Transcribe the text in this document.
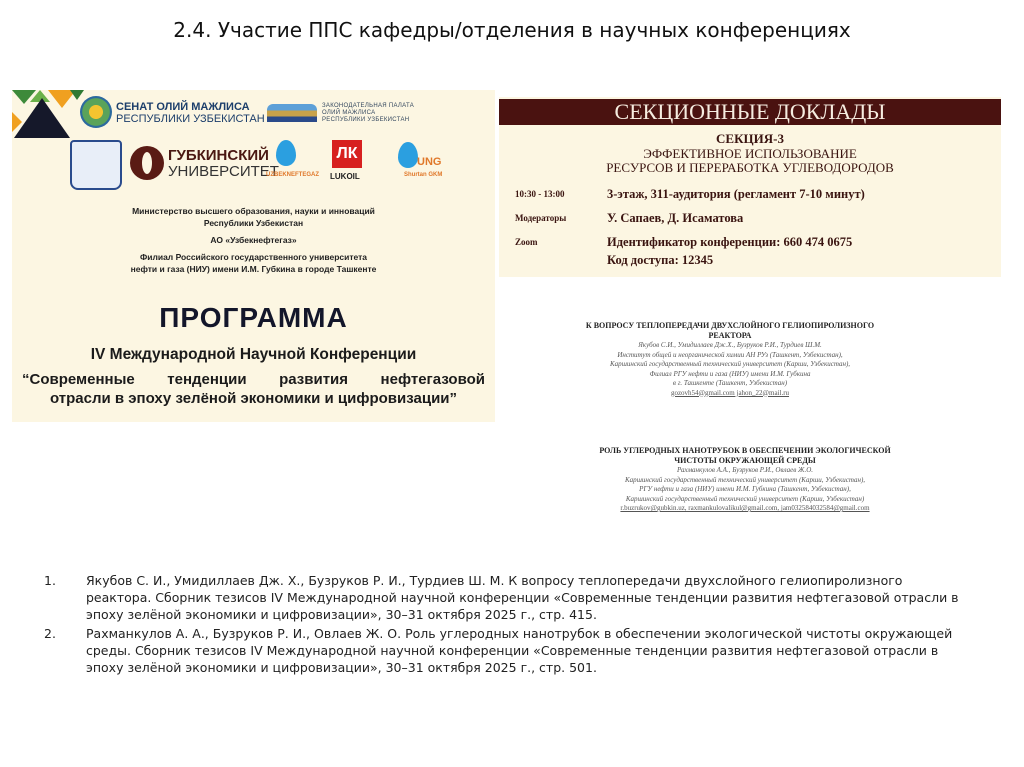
2.4. Участие ППС кафедры/отделения в научных конференциях
СЕНАТ ОЛИЙ МАЖЛИСА
РЕСПУБЛИКИ УЗБЕКИСТАН
ЗАКОНОДАТЕЛЬНАЯ ПАЛАТА
ОЛИЙ МАЖЛИСА
РЕСПУБЛИКИ УЗБЕКИСТАН
ГУБКИНСКИЙ
УНИВЕРСИТЕТ
UZBEKNEFTEGAZ
ЛК
LUKOIL
UNG
Shurtan GKM
Министерство высшего образования, науки и инноваций
Республики Узбекистан
АО «Узбекнефтегаз»
Филиал Российского государственного университета
нефти и газа (НИУ) имени И.М. Губкина в городе Ташкенте
ПРОГРАММА
IV Международной Научной Конференции
“Современные тенденции развития нефтегазовой
отрасли в эпоху зелёной экономики и цифровизации”
СЕКЦИОННЫЕ ДОКЛАДЫ
СЕКЦИЯ-3
ЭФФЕКТИВНОЕ ИСПОЛЬЗОВАНИЕ
РЕСУРСОВ И ПЕРЕРАБОТКА УГЛЕВОДОРОДОВ
10:30 - 13:00	3-этаж, 311-аудитория (регламент 7-10 минут)
Модераторы	У. Сапаев, Д. Исаматова
Zoom	Идентификатор конференции: 660 474 0675
Код доступа: 12345
К ВОПРОСУ ТЕПЛОПЕРЕДАЧИ ДВУХСЛОЙНОГО ГЕЛИОПИРОЛИЗНОГО
РЕАКТОРА
Якубов С.И., Умидиллаев Дж.Х., Бузруков Р.И., Турдиев Ш.М.
Институт общей и неорганической химии АН РУз (Ташкент, Узбекистан),
Каршинский государственный технический университет (Карши, Узбекистан),
Филиал РГУ нефти и газа (НИУ) имени И.М. Губкина
в г. Ташкенте (Ташкент, Узбекистан)
gozovh54@gmail.com jahon_22@mail.ru
РОЛЬ УГЛЕРОДНЫХ НАНОТРУБОК В ОБЕСПЕЧЕНИИ ЭКОЛОГИЧЕСКОЙ
ЧИСТОТЫ ОКРУЖАЮЩЕЙ СРЕДЫ
Рахманкулов А.А., Бузруков Р.И., Овлаев Ж.О.
Каршинский государственный технический университет (Карши, Узбекистан),
РГУ нефти и газа (НИУ) имени И.М. Губкина (Ташкент, Узбекистан),
Каршинский государственный технический университет (Карши, Узбекистан)
r.buzrukov@gubkin.uz, raxmankulovalikul@gmail.com, jam032584032584@gmail.com
1. Якубов С. И., Умидиллаев Дж. Х., Бузруков Р. И., Турдиев Ш. М. К вопросу теплопередачи двухслойного гелиопиролизного реактора. Сборник тезисов IV Международной научной конференции «Современные тенденции развития нефтегазовой отрасли в эпоху зелёной экономики и цифровизации», 30–31 октября 2025 г., стр. 415.
2. Рахманкулов А. А., Бузруков Р. И., Овлаев Ж. О. Роль углеродных нанотрубок в обеспечении экологической чистоты окружающей среды. Сборник тезисов IV Международной научной конференции «Современные тенденции развития нефтегазовой отрасли в эпоху зелёной экономики и цифровизации», 30–31 октября 2025 г., стр. 501.
